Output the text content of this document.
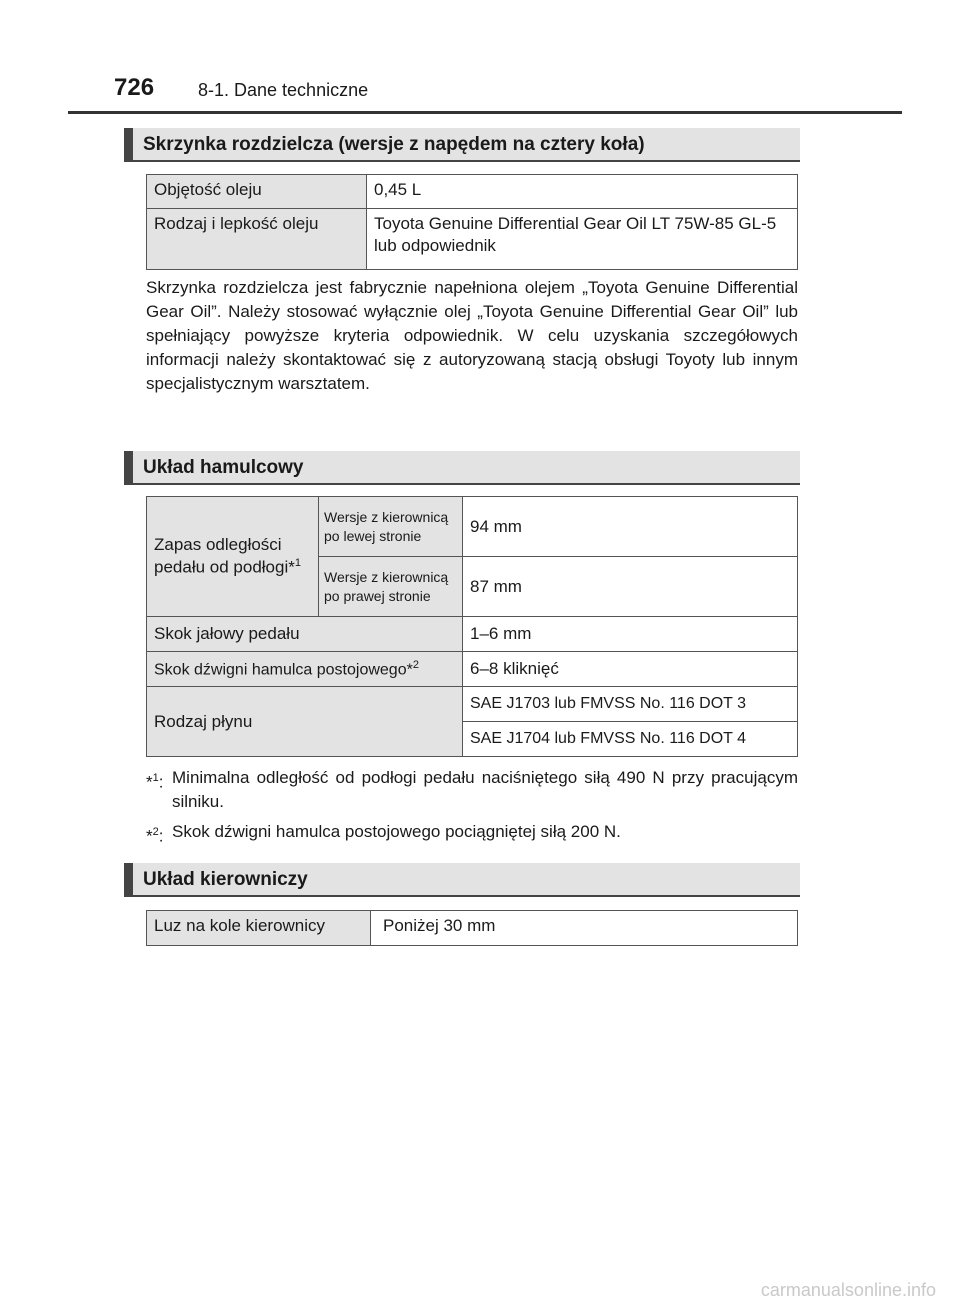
726 8-1. Dane techniczne
Skrzynka rozdzielcza (wersje z napędem na cztery koła)
Objętość oleju	0,45 L
Rodzaj i lepkość oleju	Toyota Genuine Differential Gear Oil LT 75W-85 GL-5 lub odpowiednik
Skrzynka rozdzielcza jest fabrycznie napełniona olejem „Toyota Genuine Differential Gear Oil”. Należy stosować wyłącznie olej „Toyota Genuine Differential Gear Oil” lub spełniający powyższe kryteria odpowiednik. W celu uzyskania szczegółowych informacji należy skontaktować się z autoryzowaną stacją obsługi Toyoty lub innym specjalistycznym warsztatem.
Układ hamulcowy
Zapas odległości pedału od podłogi*$^1$	Wersje z kierownicą po lewej stronie	94 mm
	Wersje z kierownicą po prawej stronie	87 mm
Skok jałowy pedału		1–6 mm
Skok dźwigni hamulca postojowego*$^2$		6–8 kliknięć
Rodzaj płynu		SAE J1703 lub FMVSS No. 116 DOT 3
		SAE J1704 lub FMVSS No. 116 DOT 4
*$^1$: Minimalna odległość od podłogi pedału naciśniętego siłą 490 N przy pracującym silniku.
*$^2$: Skok dźwigni hamulca postojowego pociągniętej siłą 200 N.
Układ kierowniczy
Luz na kole kierownicy	Poniżej 30 mm
carmanualsonline.info
